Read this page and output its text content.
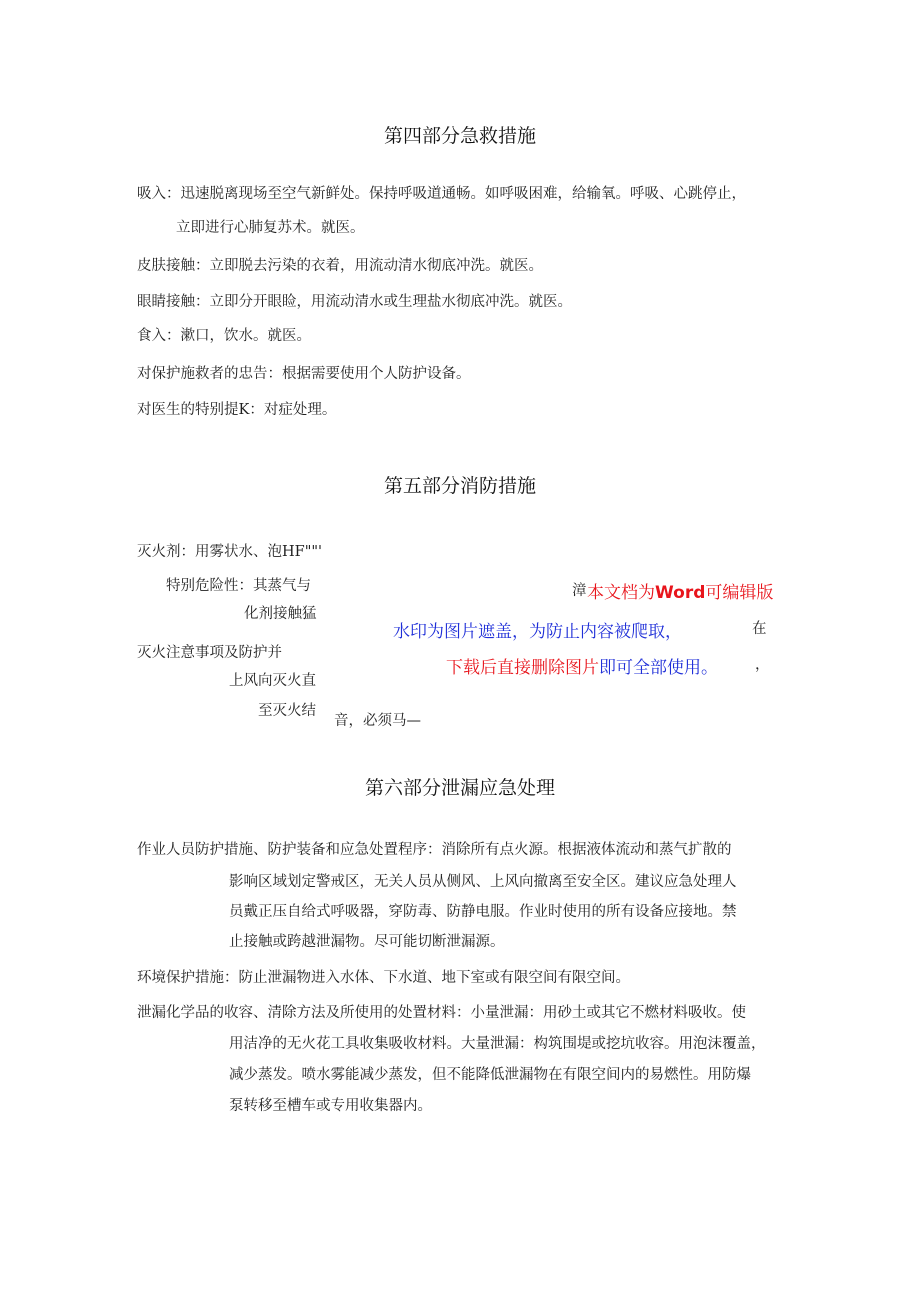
第四部分急救措施
吸入：迅速脱离现场至空气新鲜处。保持呼吸道通畅。如呼吸困难，给输氧。呼吸、心跳停止，
立即进行心肺复苏术。就医。
皮肤接触：立即脱去污染的衣着，用流动清水彻底冲洗。就医。
眼睛接触：立即分开眼睑，用流动清水或生理盐水彻底冲洗。就医。
食入：漱口，饮水。就医。
对保护施救者的忠告：根据需要使用个人防护设备。
对医生的特别提K：对症处理。
第五部分消防措施
灭火剂：用雾状水、泡HF""'
特别危险性：其蒸气与
化剂接触猛
灭火注意事项及防护并
上风向灭火直
至灭火结
音，必须马—
漳
在
，
本文档为Word可编辑版
水印为图片遮盖，为防止内容被爬取，
下载后直接删除图片即可全部使用。
第六部分泄漏应急处理
作业人员防护措施、防护装备和应急处置程序：消除所有点火源。根据液体流动和蒸气扩散的
影响区域划定警戒区，无关人员从侧风、上风向撤离至安全区。建议应急处理人
员戴正压自给式呼吸器，穿防毒、防静电服。作业时使用的所有设备应接地。禁
止接触或跨越泄漏物。尽可能切断泄漏源。
环境保护措施：防止泄漏物进入水体、下水道、地下室或有限空间有限空间。
泄漏化学品的收容、清除方法及所使用的处置材料：小量泄漏：用砂土或其它不燃材料吸收。使
用洁净的无火花工具收集吸收材料。大量泄漏：构筑围堤或挖坑收容。用泡沫覆盖，
减少蒸发。喷水雾能减少蒸发，但不能降低泄漏物在有限空间内的易燃性。用防爆
泵转移至槽车或专用收集器内。
